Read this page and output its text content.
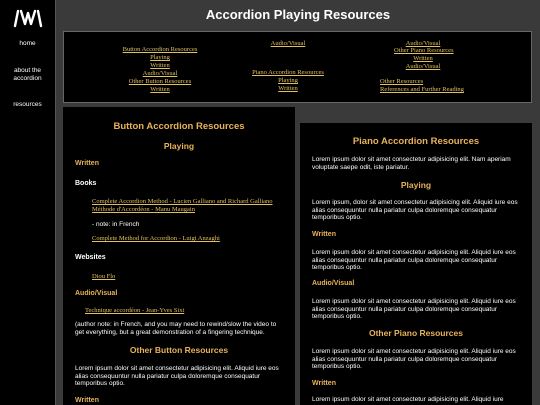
home
about the accordion
resources
Accordion Playing Resources
Button Accordion Resources
Playing
Written
Audio/Visual
Other Button Resources
Written
Audio/Visual
Piano Accordion Resources
Playing
Written
Audio/Visual
Other Piano Resources
Written
Audio/Visual
Other Resources
References and Further Reading
Button Accordion Resources
Playing
Written
Books
Complete Accordion Method - Lucien Galliano and Richard Galliano
Méthode d'Accordéon - Manu Maugain
- note: in French
Complete Method for Accordion - Luigi Anzaghi
Websites
Diou Flo
Audio/Visual
Technique accordéon - Jean-Yves Sixt
(author note: in French, and you may need to rewind/slow the video to get everything, but a great demonstration of a fingering technique.
Other Button Resources
Lorem ipsum dolor sit amet consectetur adipisicing elit. Aliquid iure eos alias consequuntur nulla pariatur culpa doloremque consequatur temporibus optio.
Written
Piano Accordion Resources
Lorem ipsum dolor sit amet consectetur adipisicing elit. Nam aperiam voluptate saepe odit, iste pariatur.
Playing
Lorem ipsum, dolor sit amet consectetur adipisicing elit. Aliquid iure eos alias consequuntur nulla pariatur culpa doloremque consequatur temporibus optio.
Written
Lorem ipsum dolor sit amet consectetur adipisicing elit. Aliquid iure eos alias consequuntur nulla pariatur culpa doloremque consequatur temporibus optio.
Audio/Visual
Lorem ipsum dolor sit amet consectetur adipisicing elit. Aliquid iure eos alias consequuntur nulla pariatur culpa doloremque consequatur temporibus optio.
Other Piano Resources
Lorem ipsum dolor sit amet consectetur adipisicing elit. Aliquid iure eos alias consequuntur nulla pariatur culpa doloremque consequatur temporibus optio.
Written
Lorem ipsum dolor sit amet consectetur adipisicing elit. Aliquid iure
